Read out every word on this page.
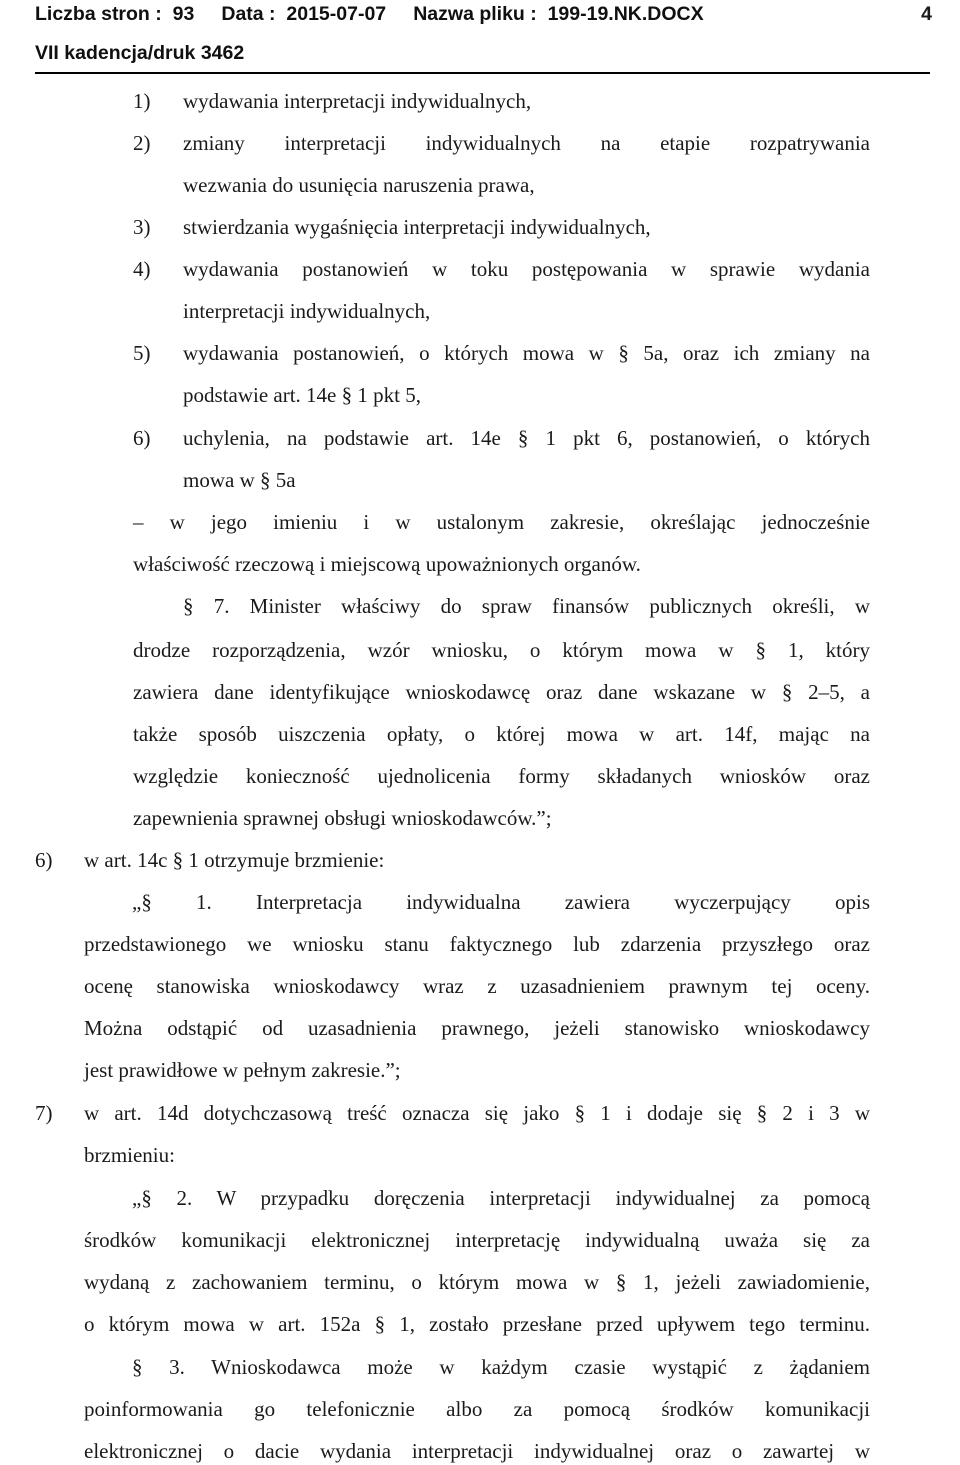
Liczba stron :  93     Data :  2015-07-07     Nazwa pliku :  199-19.NK.DOCX	4
VII kadencja/druk 3462
1) wydawania interpretacji indywidualnych,
2) zmiany interpretacji indywidualnych na etapie rozpatrywania
wezwania do usunięcia naruszenia prawa,
3) stwierdzania wygaśnięcia interpretacji indywidualnych,
4) wydawania postanowień w toku postępowania w sprawie wydania
interpretacji indywidualnych,
5) wydawania postanowień, o których mowa w § 5a, oraz ich zmiany na
podstawie art. 14e § 1 pkt 5,
6) uchylenia, na podstawie art. 14e § 1 pkt 6, postanowień, o których
mowa w § 5a
– w jego imieniu i w ustalonym zakresie, określając jednocześnie
właściwość rzeczową i miejscową upoważnionych organów.
§ 7. Minister właściwy do spraw finansów publicznych określi, w
drodze rozporządzenia, wzór wniosku, o którym mowa w § 1, który
zawiera dane identyfikujące wnioskodawcę oraz dane wskazane w § 2–5, a
także sposób uiszczenia opłaty, o której mowa w art. 14f, mając na
względzie konieczność ujednolicenia formy składanych wniosków oraz
zapewnienia sprawnej obsługi wnioskodawców.”;
6) w art. 14c § 1 otrzymuje brzmienie:
„§ 1. Interpretacja indywidualna zawiera wyczerpujący opis
przedstawionego we wniosku stanu faktycznego lub zdarzenia przyszłego oraz
ocenę stanowiska wnioskodawcy wraz z uzasadnieniem prawnym tej oceny.
Można odstąpić od uzasadnienia prawnego, jeżeli stanowisko wnioskodawcy
jest prawidłowe w pełnym zakresie.”;
7) w art. 14d dotychczasową treść oznacza się jako § 1 i dodaje się § 2 i 3 w
brzmieniu:
„§ 2. W przypadku doręczenia interpretacji indywidualnej za pomocą
środków komunikacji elektronicznej interpretację indywidualną uważa się za
wydaną z zachowaniem terminu, o którym mowa w § 1, jeżeli zawiadomienie,
o którym mowa w art. 152a § 1, zostało przesłane przed upływem tego terminu.
§ 3. Wnioskodawca może w każdym czasie wystąpić z żądaniem
poinformowania go telefonicznie albo za pomocą środków komunikacji
elektronicznej o dacie wydania interpretacji indywidualnej oraz o zawartej w
